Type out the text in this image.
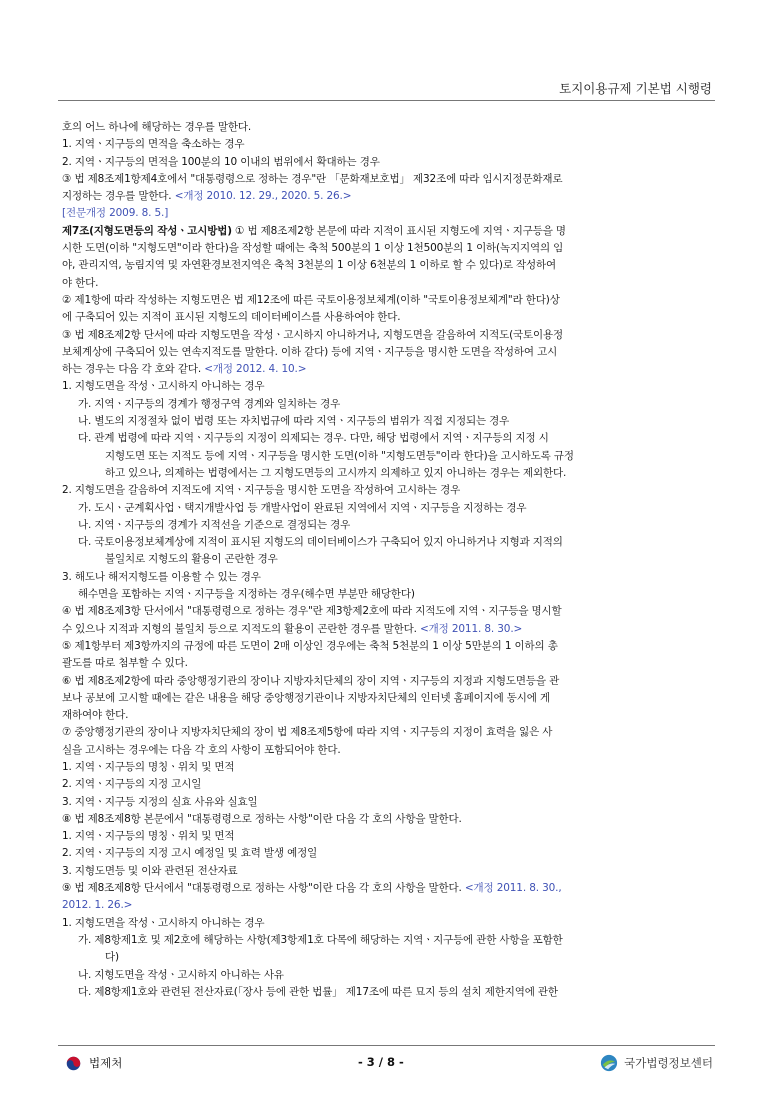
토지이용규제 기본법 시행령
호의 어느 하나에 해당하는 경우를 말한다.
1. 지역ㆍ지구등의 면적을 축소하는 경우
2. 지역ㆍ지구등의 면적을 100분의 10 이내의 범위에서 확대하는 경우
③ 법 제8조제1항제4호에서 "대통령령으로 정하는 경우"란 「문화재보호법」 제32조에 따라 임시지정문화재로
지정하는 경우를 말한다. <개정 2010. 12. 29., 2020. 5. 26.>
[전문개정 2009. 8. 5.]
제7조(지형도면등의 작성ㆍ고시방법) ① 법 제8조제2항 본문에 따라 지적이 표시된 지형도에 지역ㆍ지구등을 명
시한 도면(이하 "지형도면"이라 한다)을 작성할 때에는 축척 500분의 1 이상 1천500분의 1 이하(녹지지역의 임
야, 관리지역, 농림지역 및 자연환경보전지역은 축척 3천분의 1 이상 6천분의 1 이하로 할 수 있다)로 작성하여
야 한다.
② 제1항에 따라 작성하는 지형도면은 법 제12조에 따른 국토이용정보체계(이하 "국토이용정보체계"라 한다)상
에 구축되어 있는 지적이 표시된 지형도의 데이터베이스를 사용하여야 한다.
③ 법 제8조제2항 단서에 따라 지형도면을 작성ㆍ고시하지 아니하거나, 지형도면을 갈음하여 지적도(국토이용정
보체계상에 구축되어 있는 연속지적도를 말한다. 이하 같다) 등에 지역ㆍ지구등을 명시한 도면을 작성하여 고시
하는 경우는 다음 각 호와 같다. <개정 2012. 4. 10.>
1. 지형도면을 작성ㆍ고시하지 아니하는 경우
가. 지역ㆍ지구등의 경계가 행정구역 경계와 일치하는 경우
나. 별도의 지정절차 없이 법령 또는 자치법규에 따라 지역ㆍ지구등의 범위가 직접 지정되는 경우
다. 관계 법령에 따라 지역ㆍ지구등의 지정이 의제되는 경우. 다만, 해당 법령에서 지역ㆍ지구등의 지정 시
지형도면 또는 지적도 등에 지역ㆍ지구등을 명시한 도면(이하 "지형도면등"이라 한다)을 고시하도록 규정
하고 있으나, 의제하는 법령에서는 그 지형도면등의 고시까지 의제하고 있지 아니하는 경우는 제외한다.
2. 지형도면을 갈음하여 지적도에 지역ㆍ지구등을 명시한 도면을 작성하여 고시하는 경우
가. 도시ㆍ군계획사업ㆍ택지개발사업 등 개발사업이 완료된 지역에서 지역ㆍ지구등을 지정하는 경우
나. 지역ㆍ지구등의 경계가 지적선을 기준으로 결정되는 경우
다. 국토이용정보체계상에 지적이 표시된 지형도의 데이터베이스가 구축되어 있지 아니하거나 지형과 지적의
불일치로 지형도의 활용이 곤란한 경우
3. 해도나 해저지형도를 이용할 수 있는 경우
해수면을 포함하는 지역ㆍ지구등을 지정하는 경우(해수면 부분만 해당한다)
④ 법 제8조제3항 단서에서 "대통령령으로 정하는 경우"란 제3항제2호에 따라 지적도에 지역ㆍ지구등을 명시할
수 있으나 지적과 지형의 불일치 등으로 지적도의 활용이 곤란한 경우를 말한다. <개정 2011. 8. 30.>
⑤ 제1항부터 제3항까지의 규정에 따른 도면이 2매 이상인 경우에는 축척 5천분의 1 이상 5만분의 1 이하의 총
괄도를 따로 첨부할 수 있다.
⑥ 법 제8조제2항에 따라 중앙행정기관의 장이나 지방자치단체의 장이 지역ㆍ지구등의 지정과 지형도면등을 관
보나 공보에 고시할 때에는 같은 내용을 해당 중앙행정기관이나 지방자치단체의 인터넷 홈페이지에 동시에 게
재하여야 한다.
⑦ 중앙행정기관의 장이나 지방자치단체의 장이 법 제8조제5항에 따라 지역ㆍ지구등의 지정이 효력을 잃은 사
실을 고시하는 경우에는 다음 각 호의 사항이 포함되어야 한다.
1. 지역ㆍ지구등의 명칭ㆍ위치 및 면적
2. 지역ㆍ지구등의 지정 고시일
3. 지역ㆍ지구등 지정의 실효 사유와 실효일
⑧ 법 제8조제8항 본문에서 "대통령령으로 정하는 사항"이란 다음 각 호의 사항을 말한다.
1. 지역ㆍ지구등의 명칭ㆍ위치 및 면적
2. 지역ㆍ지구등의 지정 고시 예정일 및 효력 발생 예정일
3. 지형도면등 및 이와 관련된 전산자료
⑨ 법 제8조제8항 단서에서 "대통령령으로 정하는 사항"이란 다음 각 호의 사항을 말한다. <개정 2011. 8. 30.,
2012. 1. 26.>
1. 지형도면을 작성ㆍ고시하지 아니하는 경우
가. 제8항제1호 및 제2호에 해당하는 사항(제3항제1호 다목에 해당하는 지역ㆍ지구등에 관한 사항을 포함한
다)
나. 지형도면을 작성ㆍ고시하지 아니하는 사유
다. 제8항제1호와 관련된 전산자료(「장사 등에 관한 법률」 제17조에 따른 묘지 등의 설치 제한지역에 관한
법제처	- 3 / 8 -	국가법령정보센터
